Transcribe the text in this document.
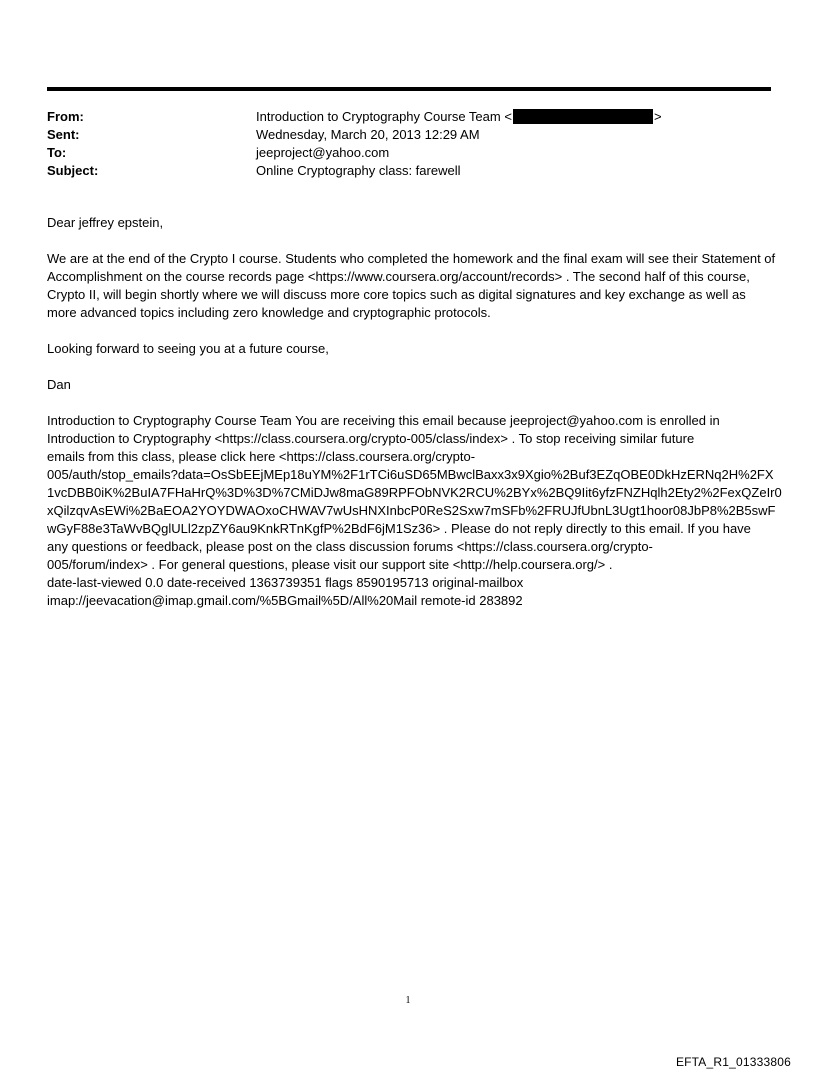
From:	Introduction to Cryptography Course Team <	>
Sent:	Wednesday, March 20, 2013 12:29 AM
To:	jeeproject@yahoo.com
Subject:	Online Cryptography class: farewell

Dear jeffrey epstein,

We are at the end of the Crypto I course. Students who completed the homework and the final exam will see their Statement of Accomplishment on the course records page <https://www.coursera.org/account/records> . The second half of this course, Crypto II, will begin shortly where we will discuss more core topics such as digital signatures and key exchange as well as more advanced topics including zero knowledge and cryptographic protocols.

Looking forward to seeing you at a future course,

Dan

Introduction to Cryptography Course Team You are receiving this email because jeeproject@yahoo.com is enrolled in
Introduction to Cryptography <https://class.coursera.org/crypto-005/class/index> . To stop receiving similar future
emails from this class, please click here <https://class.coursera.org/crypto-
005/auth/stop_emails?data=OsSbEEjMEp18uYM%2F1rTCi6uSD65MBwclBaxx3x9Xgio%2Buf3EZqOBE0DkHzERNq2H%2FX
1vcDBB0iK%2BuIA7FHaHrQ%3D%3D%7CMiDJw8maG89RPFObNVK2RCU%2BYx%2BQ9Iit6yfzFNZHqlh2Ety2%2FexQZeIr0
xQilzqvAsEWi%2BaEOA2YOYDWAOxoCHWAV7wUsHNXInbcP0ReS2Sxw7mSFb%2FRUJfUbnL3Ugt1hoor08JbP8%2B5swF
wGyF88e3TaWvBQglULl2zpZY6au9KnkRTnKgfP%2BdF6jM1Sz36> . Please do not reply directly to this email. If you have
any questions or feedback, please post on the class discussion forums <https://class.coursera.org/crypto-
005/forum/index> . For general questions, please visit our support site <http://help.coursera.org/> .
date-last-viewed 0.0 date-received 1363739351 flags 8590195713 original-mailbox
imap://jeevacation@imap.gmail.com/%5BGmail%5D/All%20Mail remote-id 283892
1
EFTA_R1_01333806
